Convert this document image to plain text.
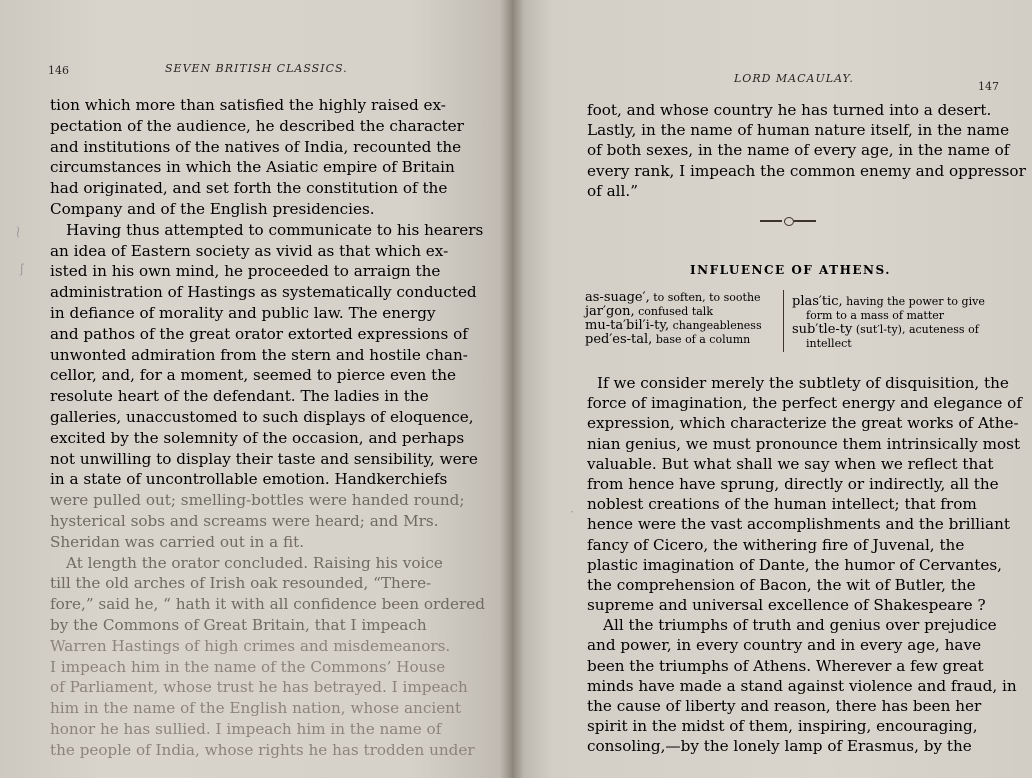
146	SEVEN BRITISH CLASSICS.
LORD MACAULAY.
147

tion which more than satisfied the highly raised ex-

pectation of the audience, he described the character

and institutions of the natives of India, recounted the

circumstances in which the Asiatic empire of Britain

had originated, and set forth the constitution of the

Company and of the English presidencies.

Having thus attempted to communicate to his hearers

an idea of Eastern society as vivid as that which ex-

isted in his own mind, he proceeded to arraign the

administration of Hastings as systematically conducted

in defiance of morality and public law. The energy

and pathos of the great orator extorted expressions of

unwonted admiration from the stern and hostile chan-

cellor, and, for a moment, seemed to pierce even the

resolute heart of the defendant. The ladies in the

galleries, unaccustomed to such displays of eloquence,

excited by the solemnity of the occasion, and perhaps

not unwilling to display their taste and sensibility, were

in a state of uncontrollable emotion. Handkerchiefs

were pulled out; smelling-bottles were handed round;

hysterical sobs and screams were heard; and Mrs.

Sheridan was carried out in a fit.

At length the orator concluded. Raising his voice

till the old arches of Irish oak resounded, “There-

fore,” said he, “ hath it with all confidence been ordered

by the Commons of Great Britain, that I impeach

Warren Hastings of high crimes and misdemeanors.

I impeach him in the name of the Commons’ House

of Parliament, whose trust he has betrayed. I impeach

him in the name of the English nation, whose ancient

honor he has sullied. I impeach him in the name of

the people of India, whose rights he has trodden under

foot, and whose country he has turned into a desert.

Lastly, in the name of human nature itself, in the name

of both sexes, in the name of every age, in the name of

every rank, I impeach the common enemy and oppressor

of all.”

INFLUENCE OF ATHENS.
as-suage′, to soften, to soothe
jar′gon, confused talk
mu-ta′bil′i-ty, changeableness
ped′es-tal, base of a column
plas′tic, having the power to give
form to a mass of matter
sub′tle-ty (sut′l-ty), acuteness of
intellect

If we consider merely the subtlety of disquisition, the

force of imagination, the perfect energy and elegance of

expression, which characterize the great works of Athe-

nian genius, we must pronounce them intrinsically most

valuable. But what shall we say when we reflect that

from hence have sprung, directly or indirectly, all the

noblest creations of the human intellect; that from

hence were the vast accomplishments and the brilliant

fancy of Cicero, the withering fire of Juvenal, the

plastic imagination of Dante, the humor of Cervantes,

the comprehension of Bacon, the wit of Butler, the

supreme and universal excellence of Shakespeare ?

All the triumphs of truth and genius over prejudice

and power, in every country and in every age, have

been the triumphs of Athens. Wherever a few great

minds have made a stand against violence and fraud, in

the cause of liberty and reason, there has been her

spirit in the midst of them, inspiring, encouraging,

consoling,—by the lonely lamp of Erasmus, by the

⁓
ʃ
·
